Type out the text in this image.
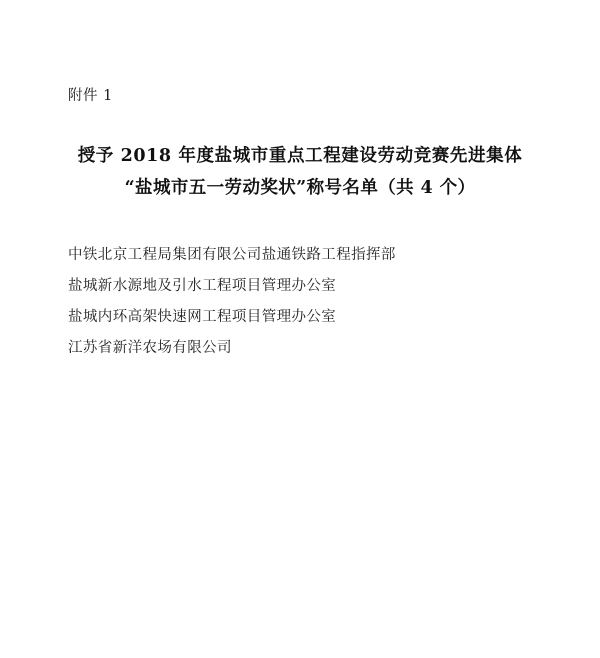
附件 1
授予 2018 年度盐城市重点工程建设劳动竞赛先进集体
“盐城市五一劳动奖状”称号名单（共 4 个）
中铁北京工程局集团有限公司盐通铁路工程指挥部
盐城新水源地及引水工程项目管理办公室
盐城内环高架快速网工程项目管理办公室
江苏省新洋农场有限公司
